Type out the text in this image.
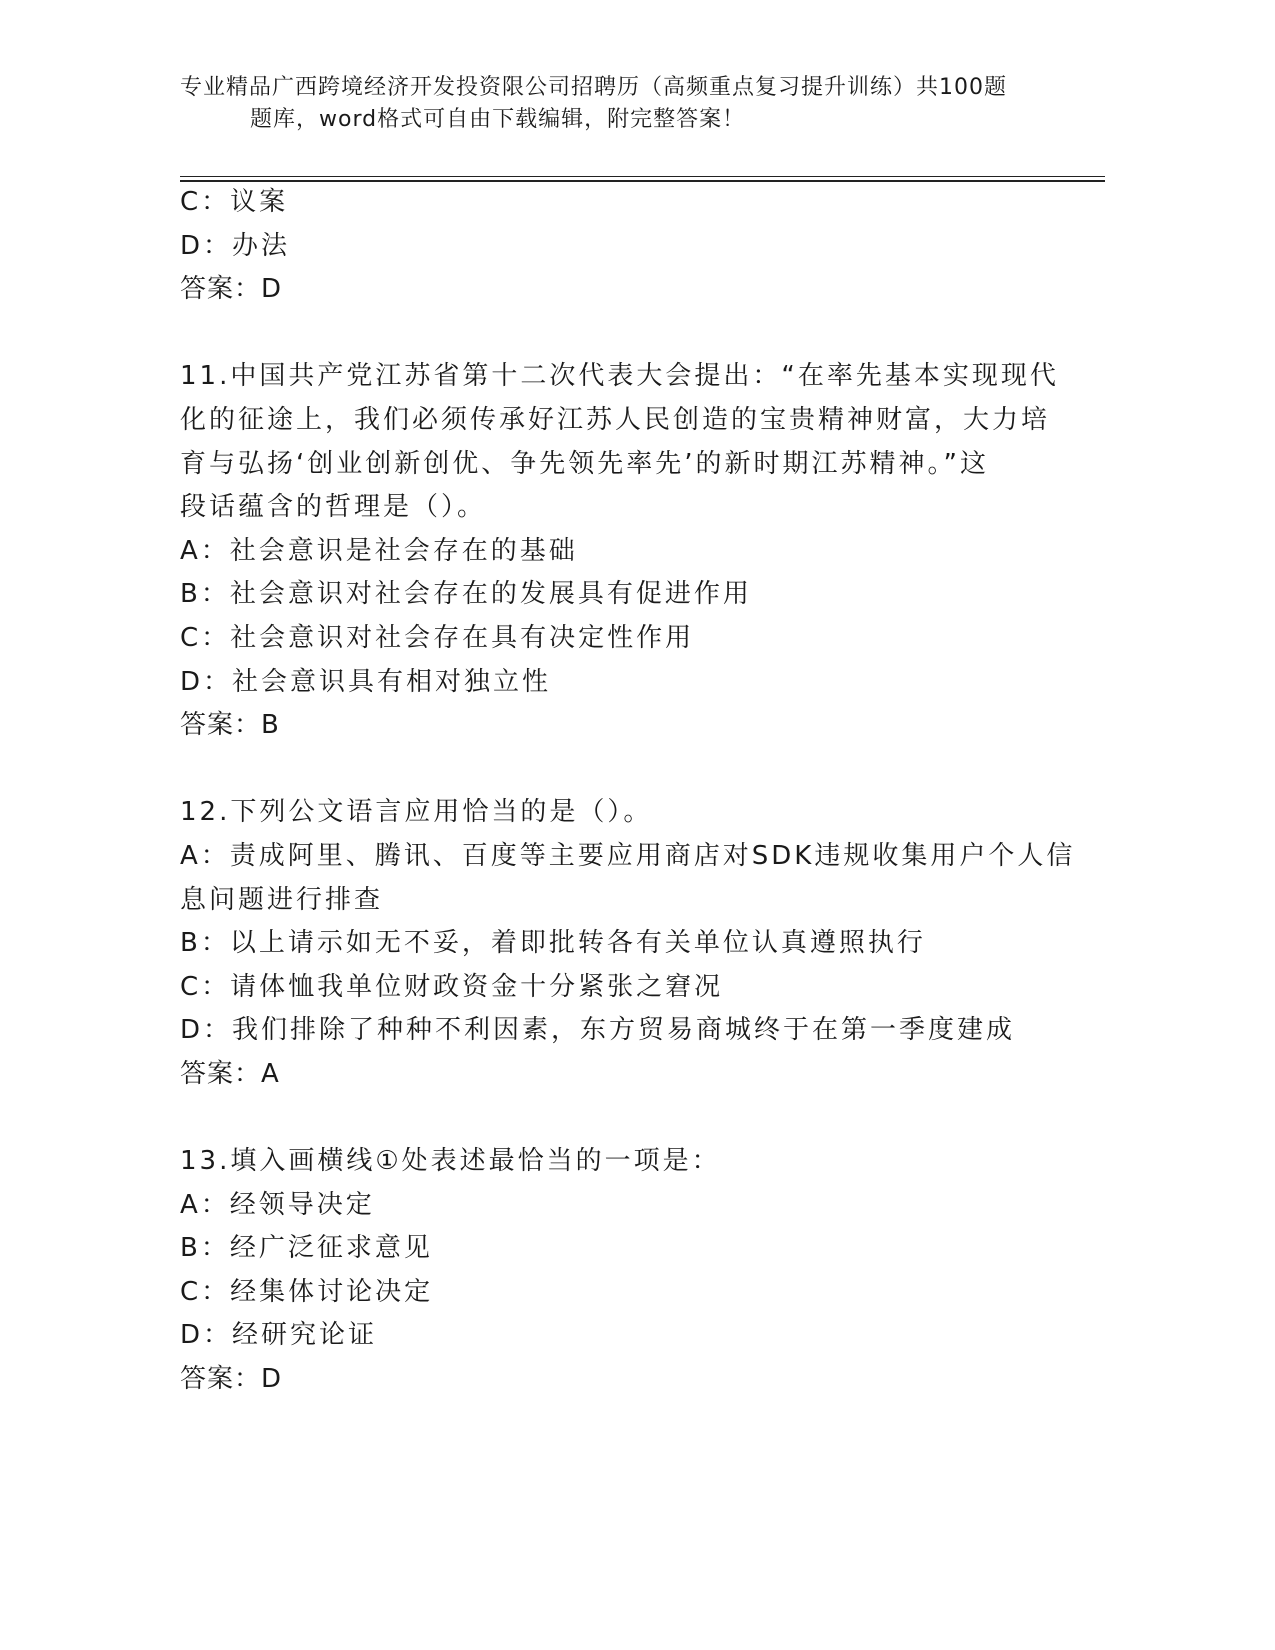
专业精品广西跨境经济开发投资限公司招聘历（高频重点复习提升训练）共100题
题库，word格式可自由下载编辑，附完整答案！
C：议案
D：办法
答案：D
11.中国共产党江苏省第十二次代表大会提出：“在率先基本实现现代
化的征途上，我们必须传承好江苏人民创造的宝贵精神财富，大力培
育与弘扬‘创业创新创优、争先领先率先’的新时期江苏精神。”这
段话蕴含的哲理是（）。
A：社会意识是社会存在的基础
B：社会意识对社会存在的发展具有促进作用
C：社会意识对社会存在具有决定性作用
D：社会意识具有相对独立性
答案：B
12.下列公文语言应用恰当的是（）。
A：责成阿里、腾讯、百度等主要应用商店对SDK违规收集用户个人信
息问题进行排查
B：以上请示如无不妥，着即批转各有关单位认真遵照执行
C：请体恤我单位财政资金十分紧张之窘况
D：我们排除了种种不利因素，东方贸易商城终于在第一季度建成
答案：A
13.填入画横线①处表述最恰当的一项是：
A：经领导决定
B：经广泛征求意见
C：经集体讨论决定
D：经研究论证
答案：D
